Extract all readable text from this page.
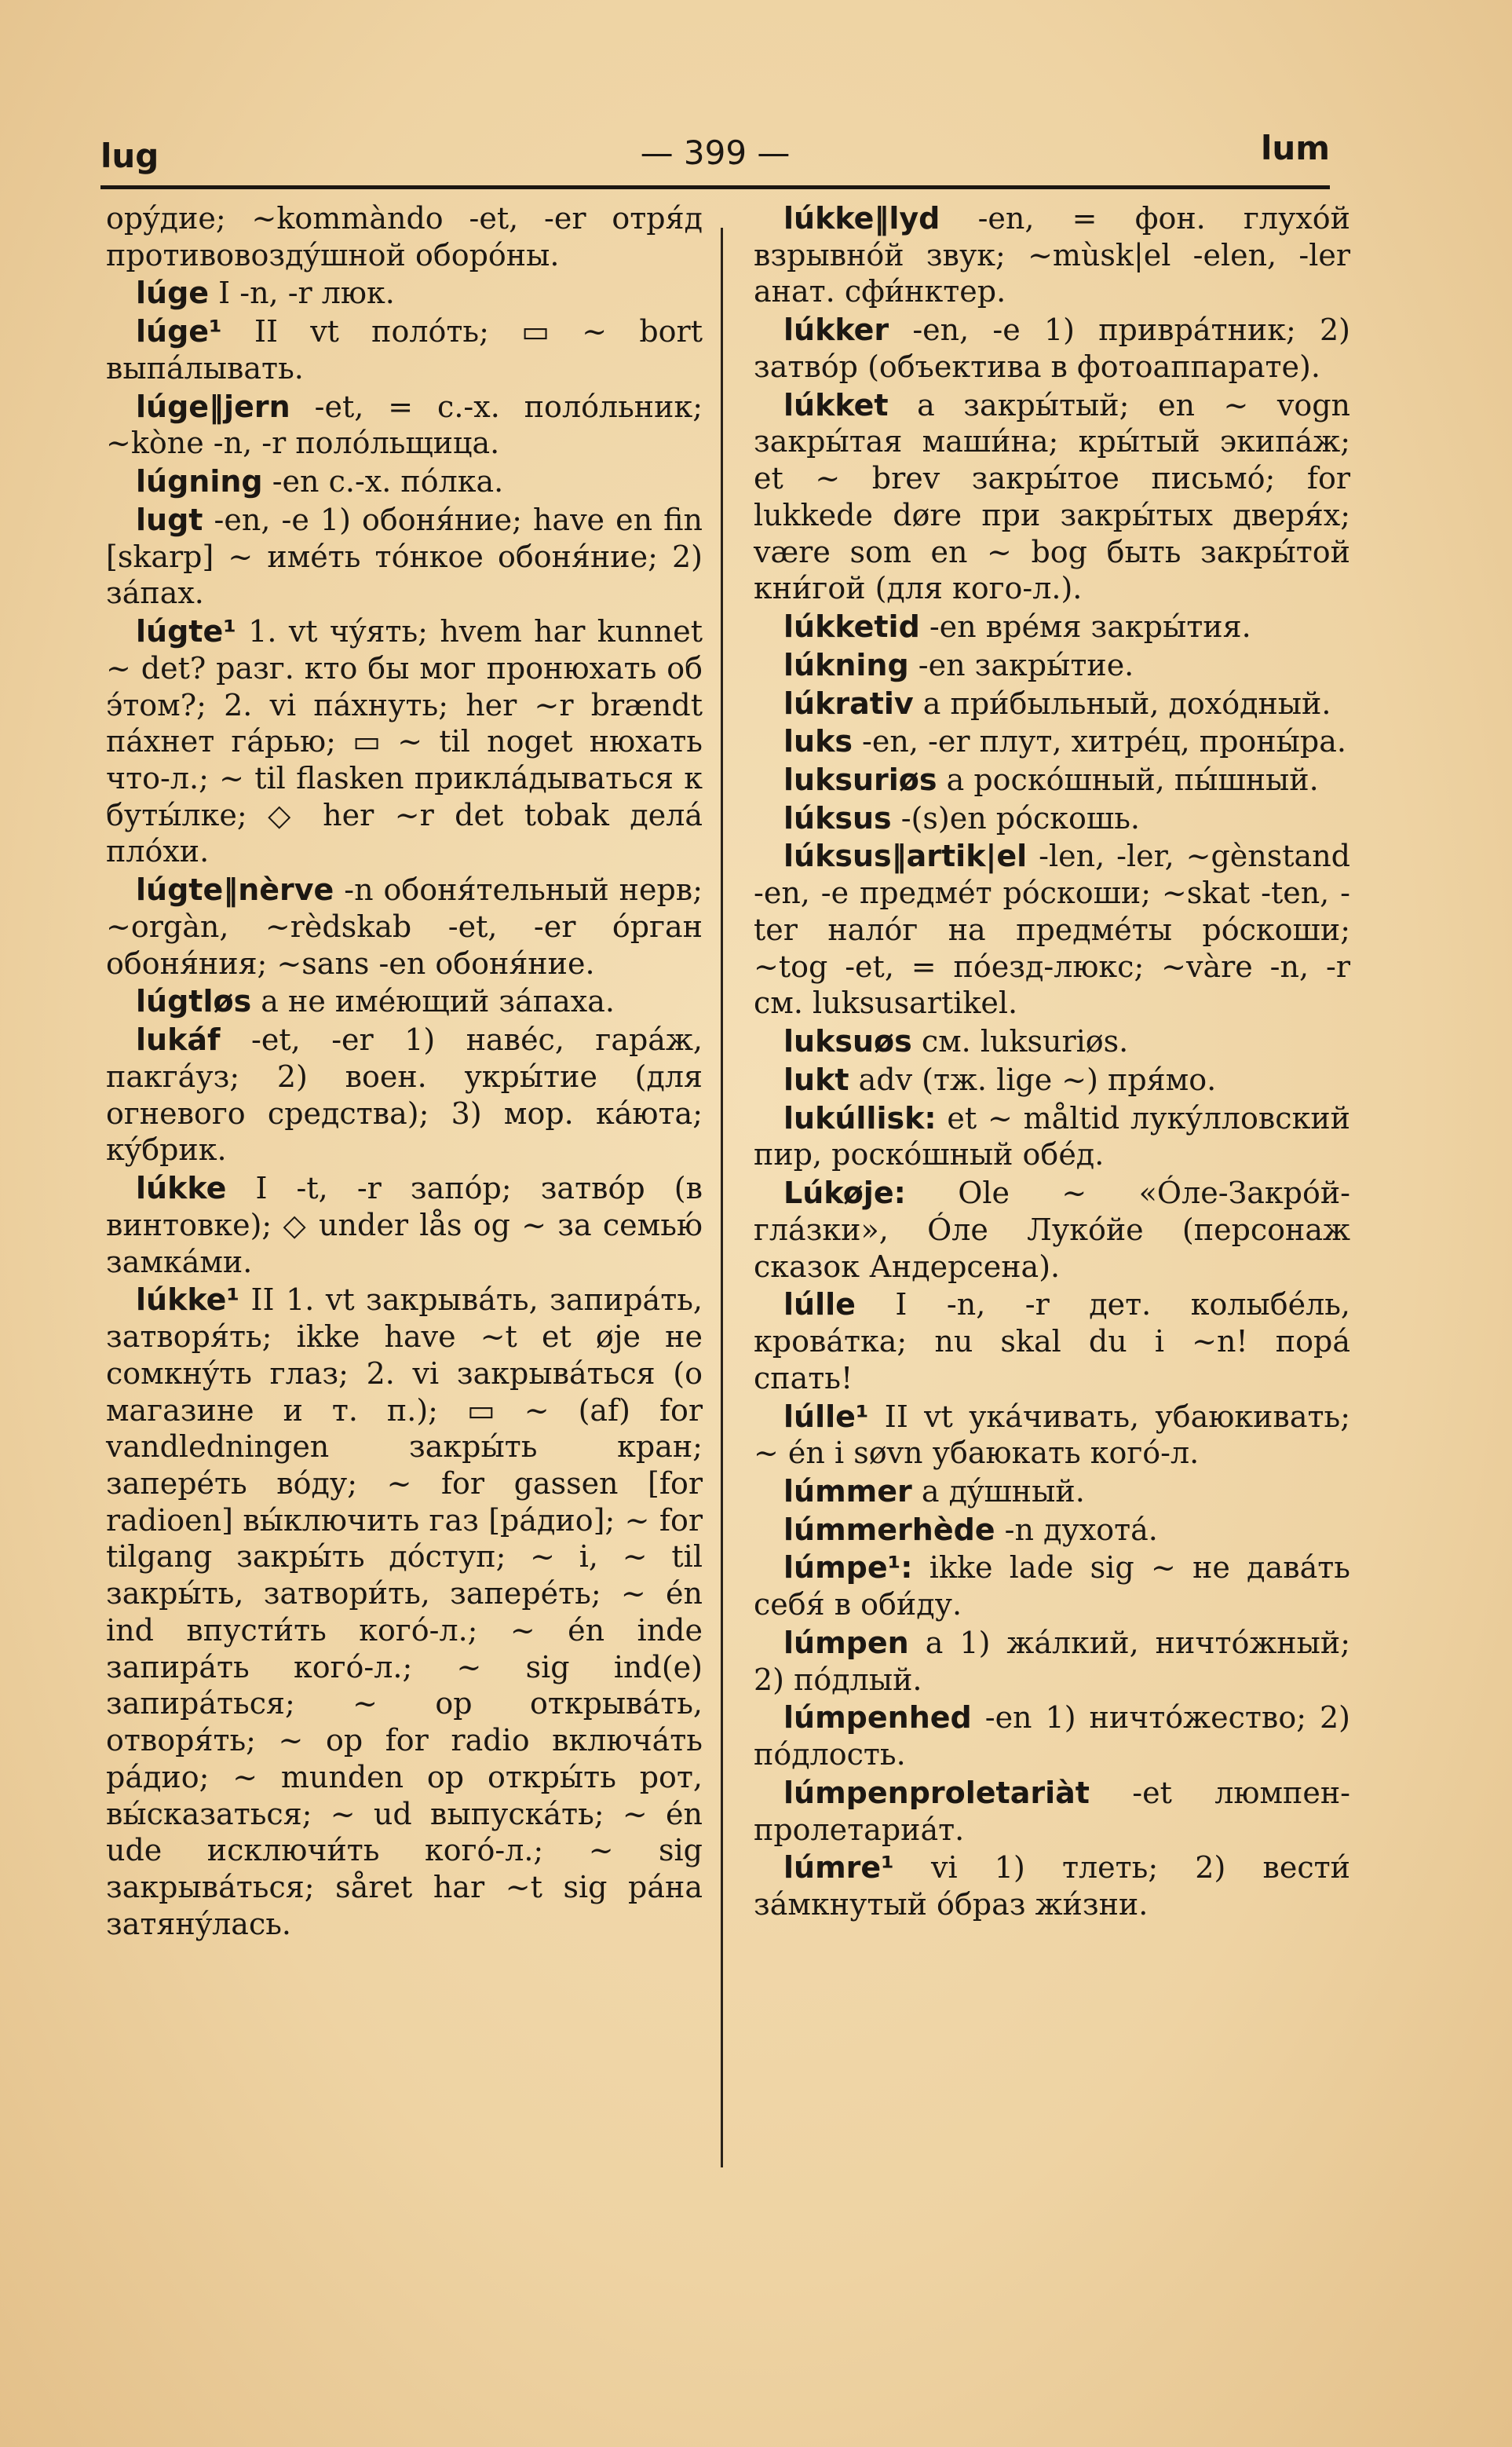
lug	— 399 —	lum

орýдие; ~kommàndo -et, -er отря́д противовоздýшной оборóны.

lúge I -n, -r люк.

lúge¹ II vt полóть; ▭ ~ bort выпáлывать.

lúge‖jern -et, = с.-х. полóльник; ~kòne -n, -r полóльщица.

lúgning -en с.-х. пóлка.

lugt -en, -e 1) обоня́ние; have en fin [skarp] ~ имéть тóнкое обоня́ние; 2) зáпах.

lúgte¹ 1. vt чýять; hvem har kunnet ~ det? разг. кто бы мог пронюхать об э́том?; 2. vi пáхнуть; her ~r brændt пáхнет гáрью; ▭ ~ til noget нюхать что-л.; ~ til flasken приклáдываться к буты́лке; ◇ her ~r det tobak делá плóхи.

lúgte‖nèrve -n обоня́тельный нерв; ~orgàn, ~rèdskab -et, -er óрган обоня́ния; ~sans -en обоня́ние.

lúgtløs a не имéющий зáпаха.

lukáf -et, -er 1) навéс, гарáж, пакгáуз; 2) воен. укры́тие (для огневого средства); 3) мор. кáюта; кýбрик.

lúkke I -t, -r запóр; затвóр (в винтовке); ◇ under lås og ~ за семью́ замкáми.

lúkke¹ II 1. vt закрывáть, запирáть, затворя́ть; ikke have ~t et øje не сомкнýть глаз; 2. vi закрывáться (о магазине и т. п.); ▭ ~ (af) for vandledningen закры́ть кран; заперéть вóду; ~ for gassen [for radioen] вы́ключить газ [рáдио]; ~ for tilgang закры́ть дóступ; ~ i, ~ til закры́ть, затвори́ть, заперéть; ~ én ind впусти́ть когó-л.; ~ én inde запирáть когó-л.; ~ sig ind(e) запирáться; ~ op открывáть, отворя́ть; ~ op for radio включáть рáдио; ~ munden op откры́ть рот, вы́сказаться; ~ ud выпускáть; ~ én ude исключи́ть когó-л.; ~ sig закрывáться; såret har ~t sig рáна затянýлась.

lúkke‖lyd -en, = фон. глухóй взрывнóй звук; ~mùsk|el -elen, -ler анат. сфи́нктер.

lúkker -en, -e 1) привра́тник; 2) затвóр (объектива в фотоаппарате).

lúkket a закры́тый; en ~ vogn закры́тая маши́на; кры́тый экипáж; et ~ brev закры́тое письмó; for lukkede døre при закры́тых дверя́х; være som en ~ bog быть закры́той кни́гой (для кого-л.).

lúkketid -en врéмя закры́тия.

lúkning -en закры́тие.

lúkrativ a при́быльный, дохóдный.

luks -en, -er плут, хитрéц, проны́ра.

luksuriøs a роскóшный, пы́шный.

lúksus -(s)en рóскошь.

lúksus‖artik|el -len, -ler, ~gènstand -en, -e предмéт рóскоши; ~skat -ten, -ter налóг на предмéты рóскоши; ~tog -et, = пóезд-люкс; ~vàre -n, -r см. luksusartikel.

luksuøs см. luksuriøs.

lukt adv (тж. lige ~) пря́мо.

lukúllisk: et ~ måltid лукýлловский пир, роскóшный обéд.

Lúkøje: Ole ~ «Óле-Закрóй-глáзки», Óле Лукóйе (персонаж сказок Андерсена).

lúlle I -n, -r дет. колыбéль, кровáтка; nu skal du i ~n! порá спать!

lúlle¹ II vt укáчивать, убаюкивать; ~ én i søvn убаюкать когó-л.

lúmmer a дýшный.

lúmmerhède -n духотá.

lúmpe¹: ikke lade sig ~ не давáть себя́ в оби́ду.

lúmpen a 1) жáлкий, ничтóжный; 2) пóдлый.

lúmpenhed -en 1) ничтóжество; 2) пóдлость.

lúmpenproletariàt -et люмпен-пролетариáт.

lúmre¹ vi 1) тлеть; 2) вести́ зáмкнутый óбраз жи́зни.
